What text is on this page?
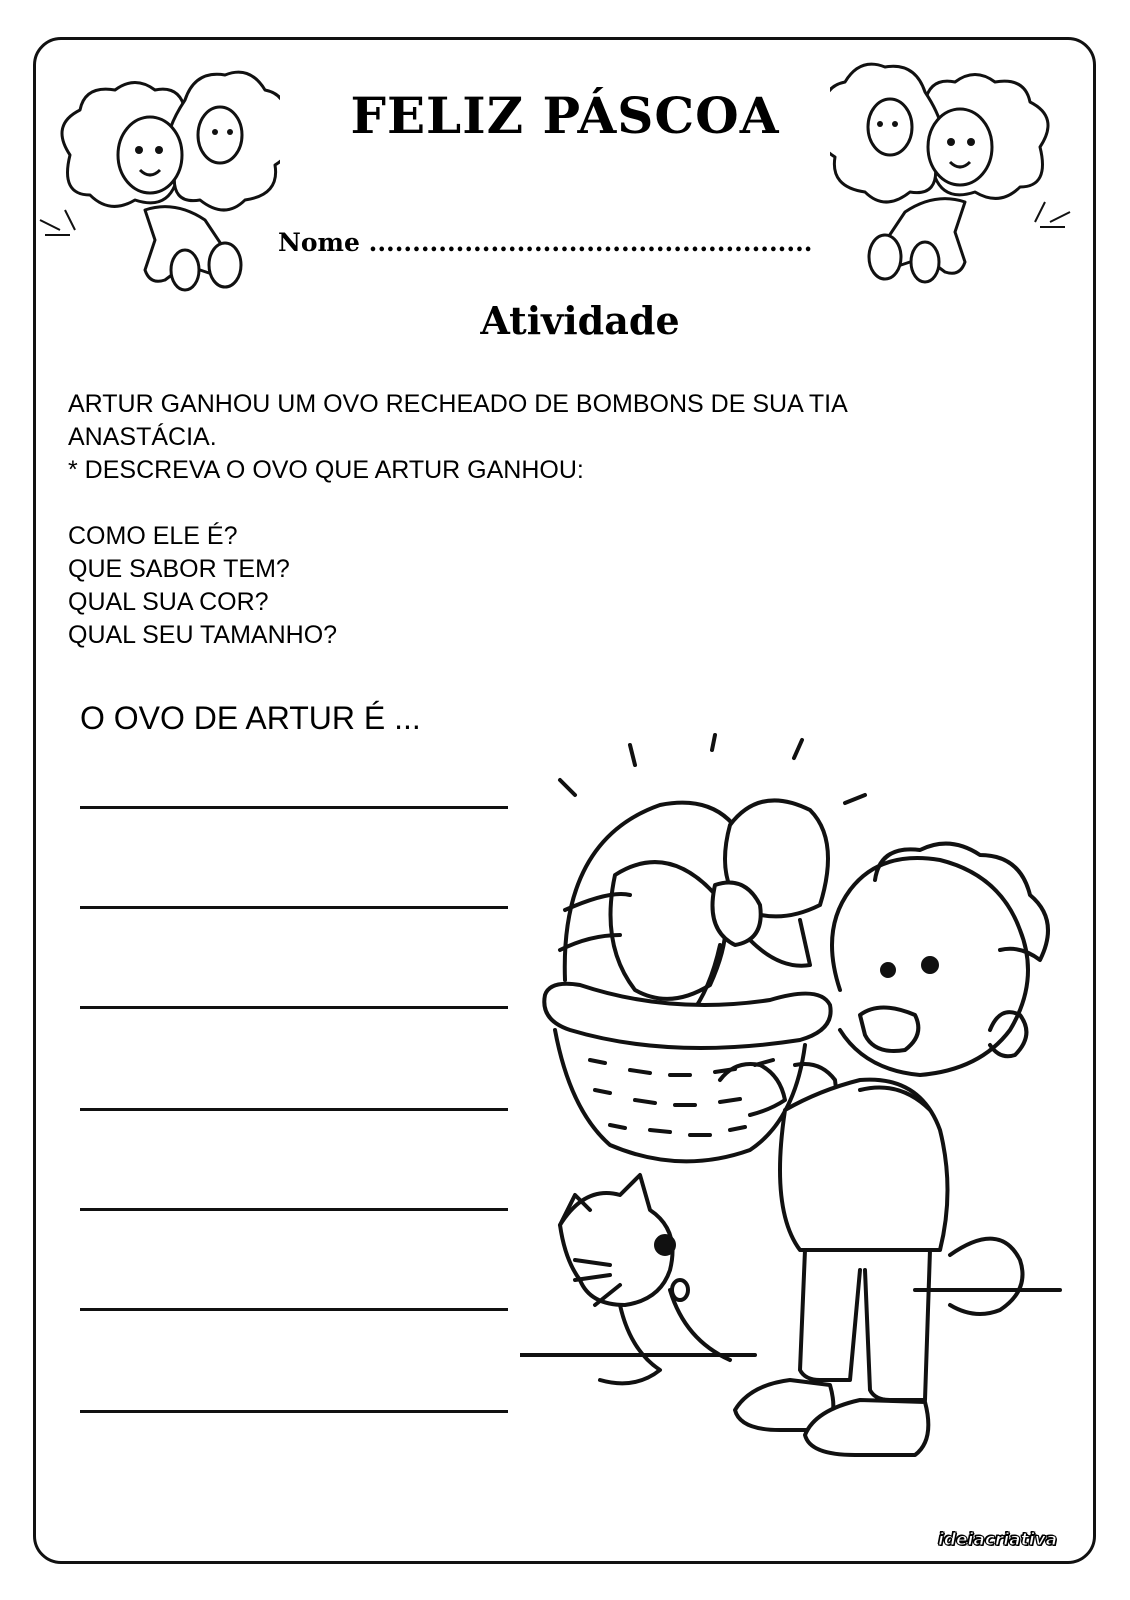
FELIZ PÁSCOA
Nome ...................................................
Atividade
ARTUR GANHOU UM OVO RECHEADO DE BOMBONS DE SUA TIA
ANASTÁCIA.
* DESCREVA O OVO QUE ARTUR GANHOU:
COMO ELE É?
QUE SABOR TEM?
QUAL SUA COR?
QUAL SEU TAMANHO?
O OVO DE ARTUR É ...
ideiacriativa
